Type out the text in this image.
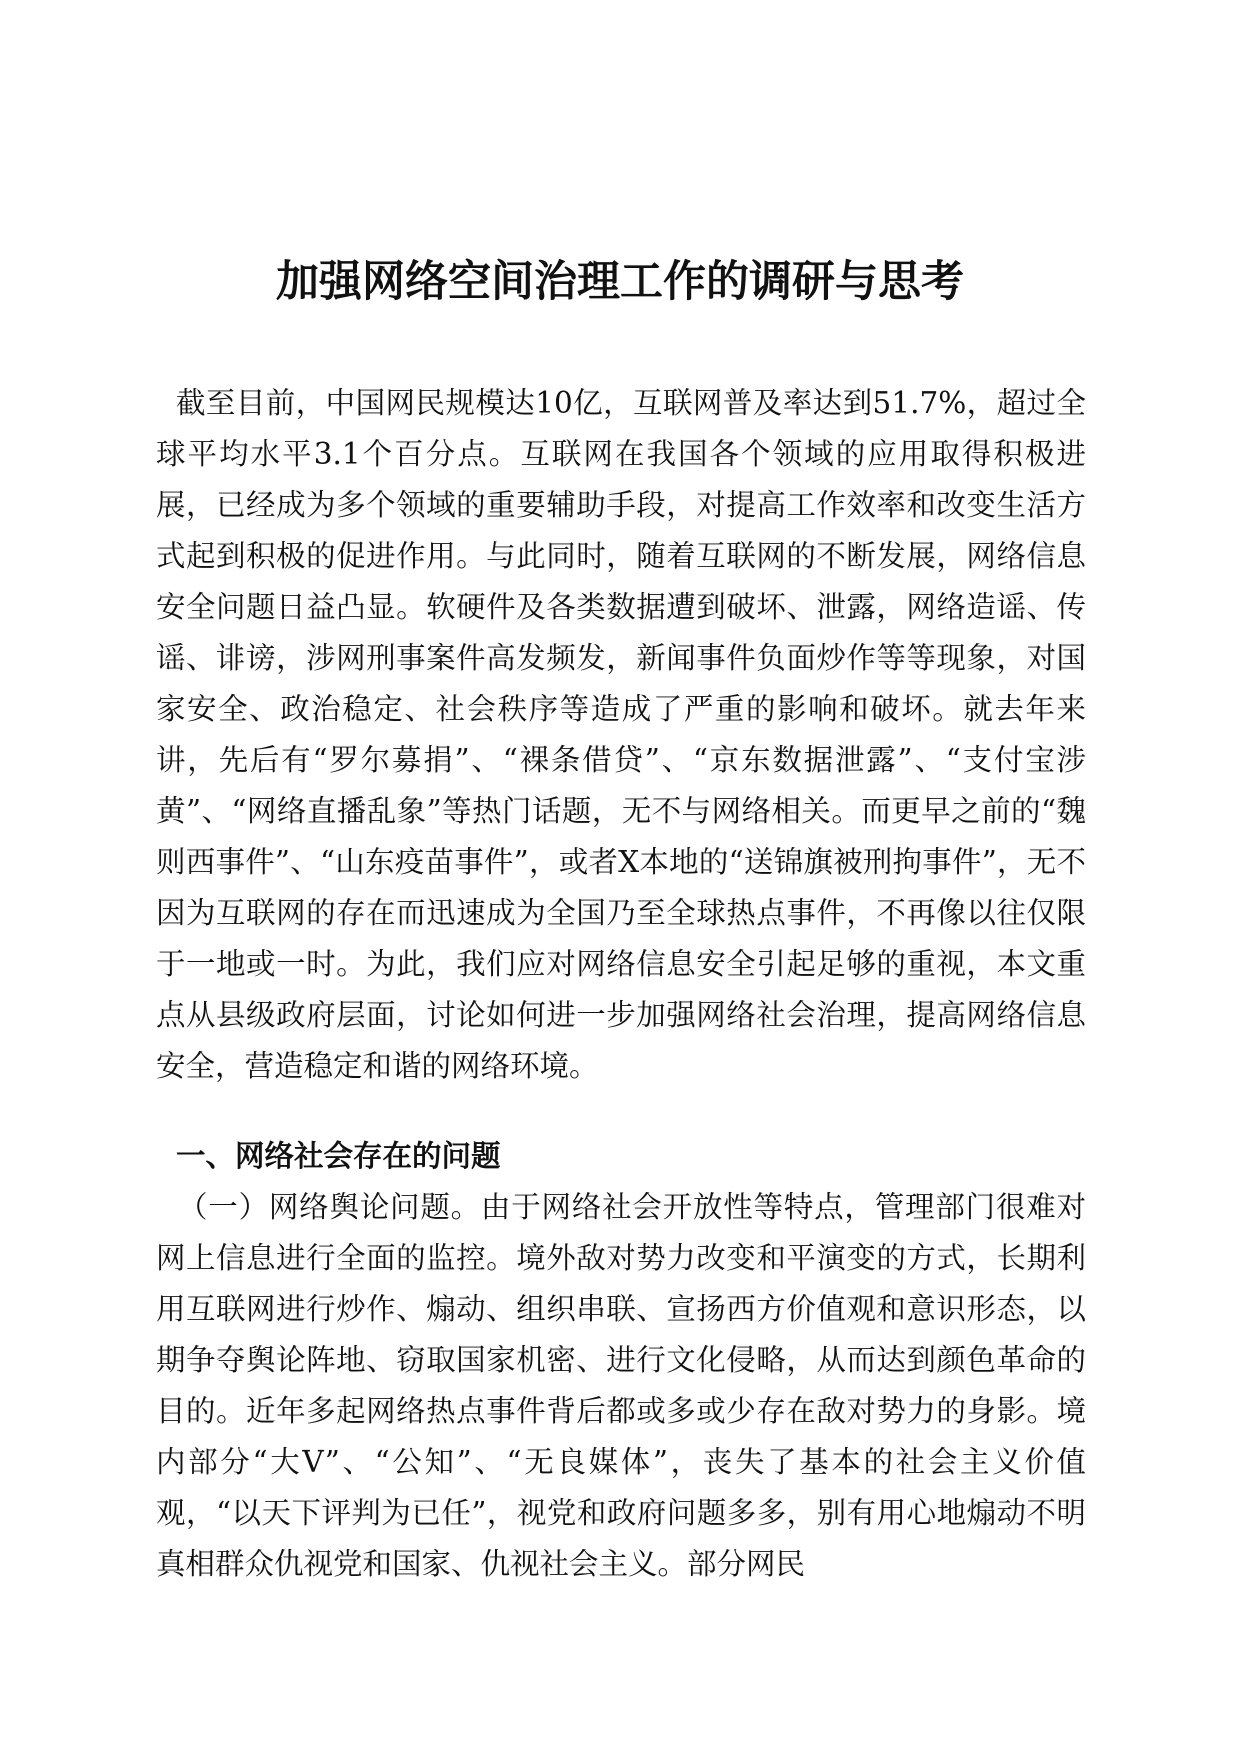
加强网络空间治理工作的调研与思考

截至目前，中国网民规模达10亿，互联网普及率达到51.7%，超过全球平均水平3.1个百分点。互联网在我国各个领域的应用取得积极进展，已经成为多个领域的重要辅助手段，对提高工作效率和改变生活方式起到积极的促进作用。与此同时，随着互联网的不断发展，网络信息安全问题日益凸显。软硬件及各类数据遭到破坏、泄露，网络造谣、传谣、诽谤，涉网刑事案件高发频发，新闻事件负面炒作等等现象，对国家安全、政治稳定、社会秩序等造成了严重的影响和破坏。就去年来讲，先后有“罗尔募捐”、“裸条借贷”、“京东数据泄露”、“支付宝涉黄”、“网络直播乱象”等热门话题，无不与网络相关。而更早之前的“魏则西事件”、“山东疫苗事件”，或者X本地的“送锦旗被刑拘事件”，无不因为互联网的存在而迅速成为全国乃至全球热点事件，不再像以往仅限于一地或一时。为此，我们应对网络信息安全引起足够的重视，本文重点从县级政府层面，讨论如何进一步加强网络社会治理，提高网络信息安全，营造稳定和谐的网络环境。

一、网络社会存在的问题

（一）网络舆论问题。由于网络社会开放性等特点，管理部门很难对网上信息进行全面的监控。境外敌对势力改变和平演变的方式，长期利用互联网进行炒作、煽动、组织串联、宣扬西方价值观和意识形态，以期争夺舆论阵地、窃取国家机密、进行文化侵略，从而达到颜色革命的目的。近年多起网络热点事件背后都或多或少存在敌对势力的身影。境内部分“大V”、“公知”、“无良媒体”，丧失了基本的社会主义价值观，“以天下评判为已任”，视党和政府问题多多，别有用心地煽动不明真相群众仇视党和国家、仇视社会主义。部分网民
